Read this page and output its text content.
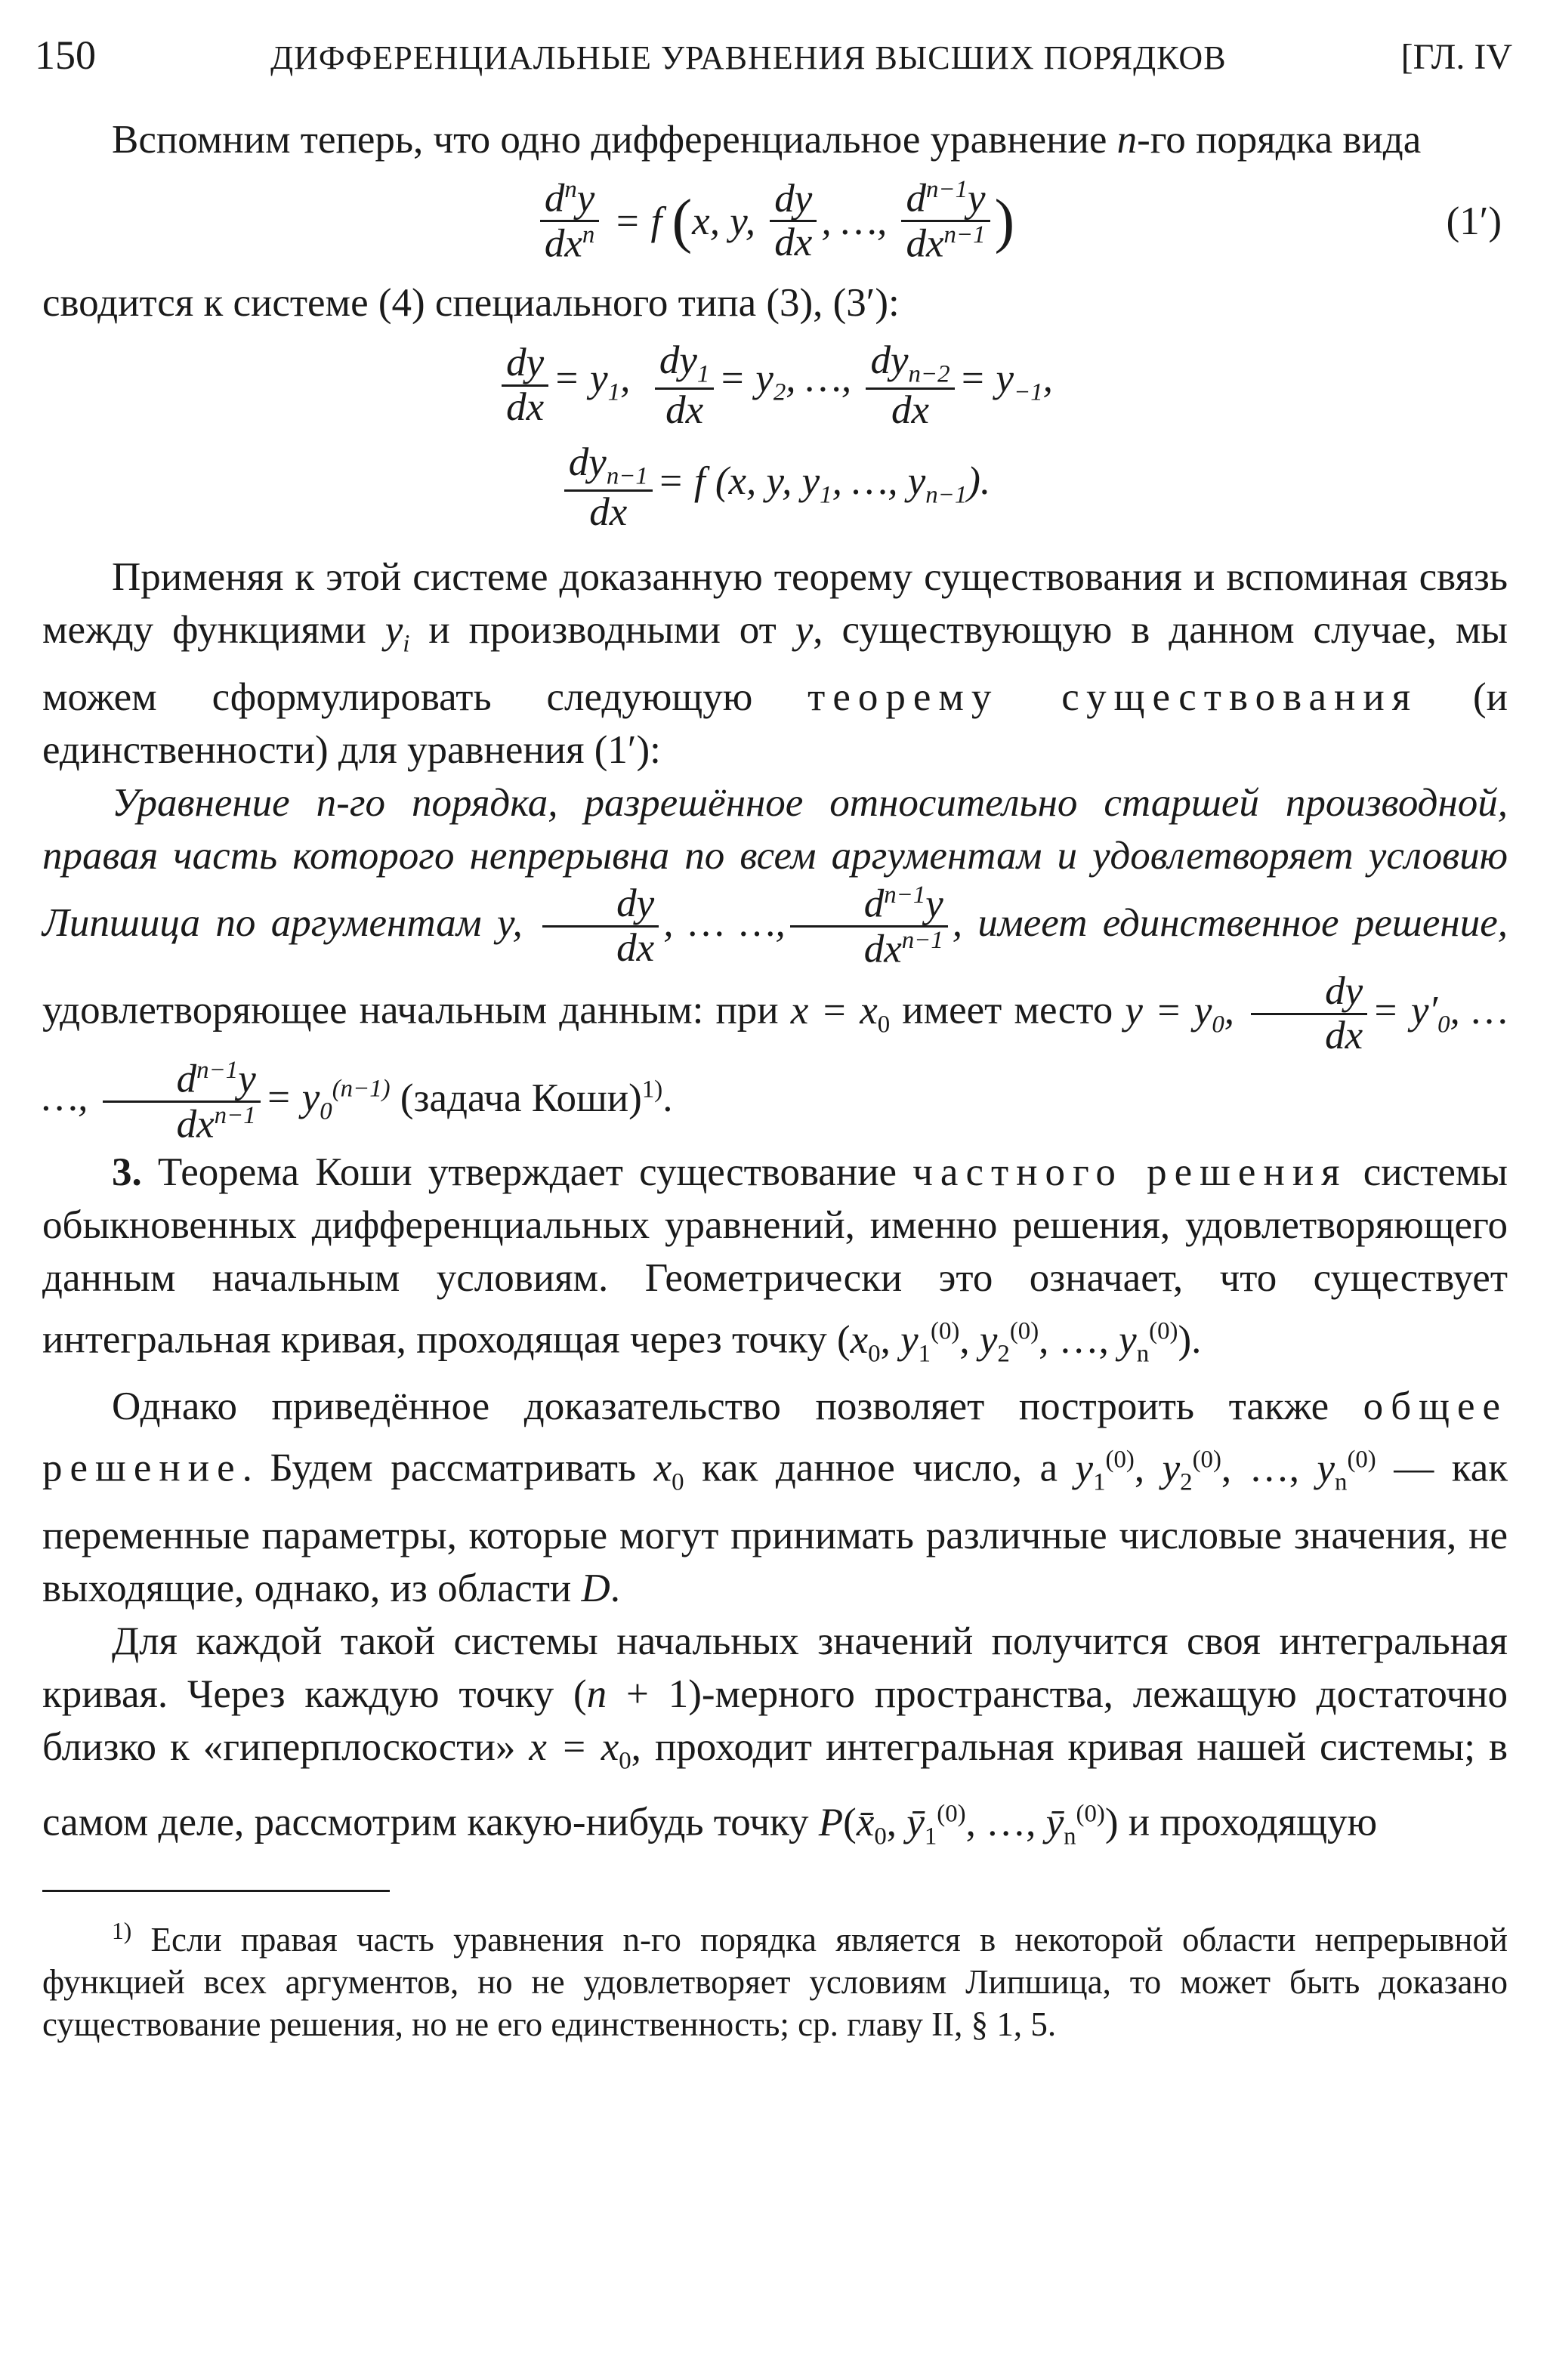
150	ДИФФЕРЕНЦИАЛЬНЫЕ УРАВНЕНИЯ ВЫСШИХ ПОРЯДКОВ	[ГЛ. IV

Вспомним теперь, что одно дифференциальное уравнение n-го порядка вида

$\frac{d^ny}{dx^n} = f$ ( x, y, $\frac{dy}{dx}$ , …, $\frac{d^{n-1}y}{dx^{n-1}}$ )	(1′)

сводится к системе (4) специального типа (3), (3′):

$\frac{dy}{dx} = y_1$, $\frac{dy_1}{dx} = y_2$, …, $\frac{dy_{n-2}}{dx} = y_{-1}$,
$\frac{dy_{n-1}}{dx} = f$ (x, y, $y_1$, …, $y_{n-1}$).

Применяя к этой системе доказанную теорему существования и вспоминая связь между функциями $y_i$ и производными от y, существующую в данном случае, мы можем сформулировать следующую теорему существования (и единственности) для уравнения (1′):

Уравнение n-го порядка, разрешённое относительно старшей производной, правая часть которого непрерывна по всем аргументам и удовлетворяет условию Липшица по аргументам y, $\frac{dy}{dx}$ , … …, $\frac{d^{n-1}y}{dx^{n-1}}$ , имеет единственное решение, удовлетворяющее начальным данным: при $x = x_0$ имеет место $y = y_0$, $\frac{dy}{dx} = y'_0$, … …, $\frac{d^{n-1}y}{dx^{n-1}} = y_0^{(n-1)}$ (задача Коши)$^{1)}$.

3. Теорема Коши утверждает существование частного решения системы обыкновенных дифференциальных уравнений, именно решения, удовлетворяющего данным начальным условиям. Геометрически это означает, что существует интегральная кривая, проходящая через точку ($x_0$, $y_1^{(0)}$, $y_2^{(0)}$, …, $y_n^{(0)}$).

Однако приведённое доказательство позволяет построить также общее решение. Будем рассматривать $x_0$ как данное число, а $y_1^{(0)}$, $y_2^{(0)}$, …, $y_n^{(0)}$ — как переменные параметры, которые могут принимать различные числовые значения, не выходящие, однако, из области D.

Для каждой такой системы начальных значений получится своя интегральная кривая. Через каждую точку (n + 1)-мерного пространства, лежащую достаточно близко к «гиперплоскости» $x = x_0$, проходит интегральная кривая нашей системы; в самом деле, рассмотрим какую-нибудь точку $P(x̄_0$, $ȳ_1^{(0)}$, …, $ȳ_n^{(0)}$) и проходящую

$^{1)}$ Если правая часть уравнения n-го порядка является в некоторой области непрерывной функцией всех аргументов, но не удовлетворяет условиям Липшица, то может быть доказано существование решения, но не его единственность; ср. главу II, § 1, 5.
